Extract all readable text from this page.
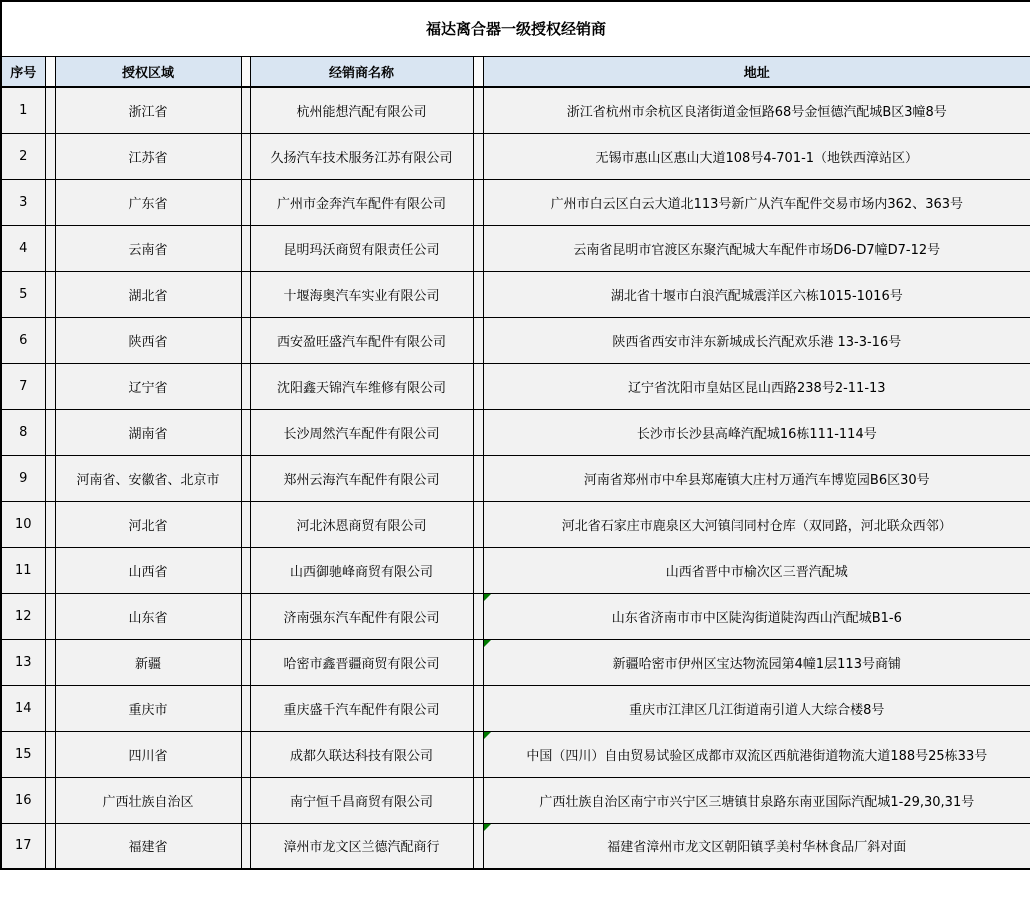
福达离合器一级授权经销商						
序号		授权区域		经销商名称		地址
1		浙江省		杭州能想汽配有限公司		浙江省杭州市余杭区良渚街道金恒路68号金恒德汽配城B区3幢8号
2		江苏省		久扬汽车技术服务江苏有限公司		无锡市惠山区惠山大道108号4-701-1（地铁西漳站区）
3		广东省		广州市金奔汽车配件有限公司		广州市白云区白云大道北113号新广从汽车配件交易市场内362、363号
4		云南省		昆明玛沃商贸有限责任公司		云南省昆明市官渡区东聚汽配城大车配件市场D6-D7幢D7-12号
5		湖北省		十堰海奥汽车实业有限公司		湖北省十堰市白浪汽配城震洋区六栋1015-1016号
6		陕西省		西安盈旺盛汽车配件有限公司		陕西省西安市沣东新城成长汽配欢乐港 13-3-16号
7		辽宁省		沈阳鑫天锦汽车维修有限公司		辽宁省沈阳市皇姑区昆山西路238号2-11-13
8		湖南省		长沙周然汽车配件有限公司		长沙市长沙县高峰汽配城16栋111-114号
9		河南省、安徽省、北京市		郑州云海汽车配件有限公司		河南省郑州市中牟县郑庵镇大庄村万通汽车博览园B6区30号
10		河北省		河北沐恩商贸有限公司		河北省石家庄市鹿泉区大河镇闫同村仓库（双同路，河北联众西邻）
11		山西省		山西御驰峰商贸有限公司		山西省晋中市榆次区三晋汽配城
12		山东省		济南强东汽车配件有限公司		山东省济南市市中区陡沟街道陡沟西山汽配城B1-6

13		新疆		哈密市鑫晋疆商贸有限公司		新疆哈密市伊州区宝达物流园第4幢1层113号商铺

14		重庆市		重庆盛千汽车配件有限公司		重庆市江津区几江街道南引道人大综合楼8号
15		四川省		成都久联达科技有限公司		中国（四川）自由贸易试验区成都市双流区西航港街道物流大道188号25栋33号

16		广西壮族自治区		南宁恒千昌商贸有限公司		广西壮族自治区南宁市兴宁区三塘镇甘泉路东南亚国际汽配城1-29,30,31号
17		福建省		漳州市龙文区兰德汽配商行		福建省漳州市龙文区朝阳镇孚美村华林食品厂斜对面
